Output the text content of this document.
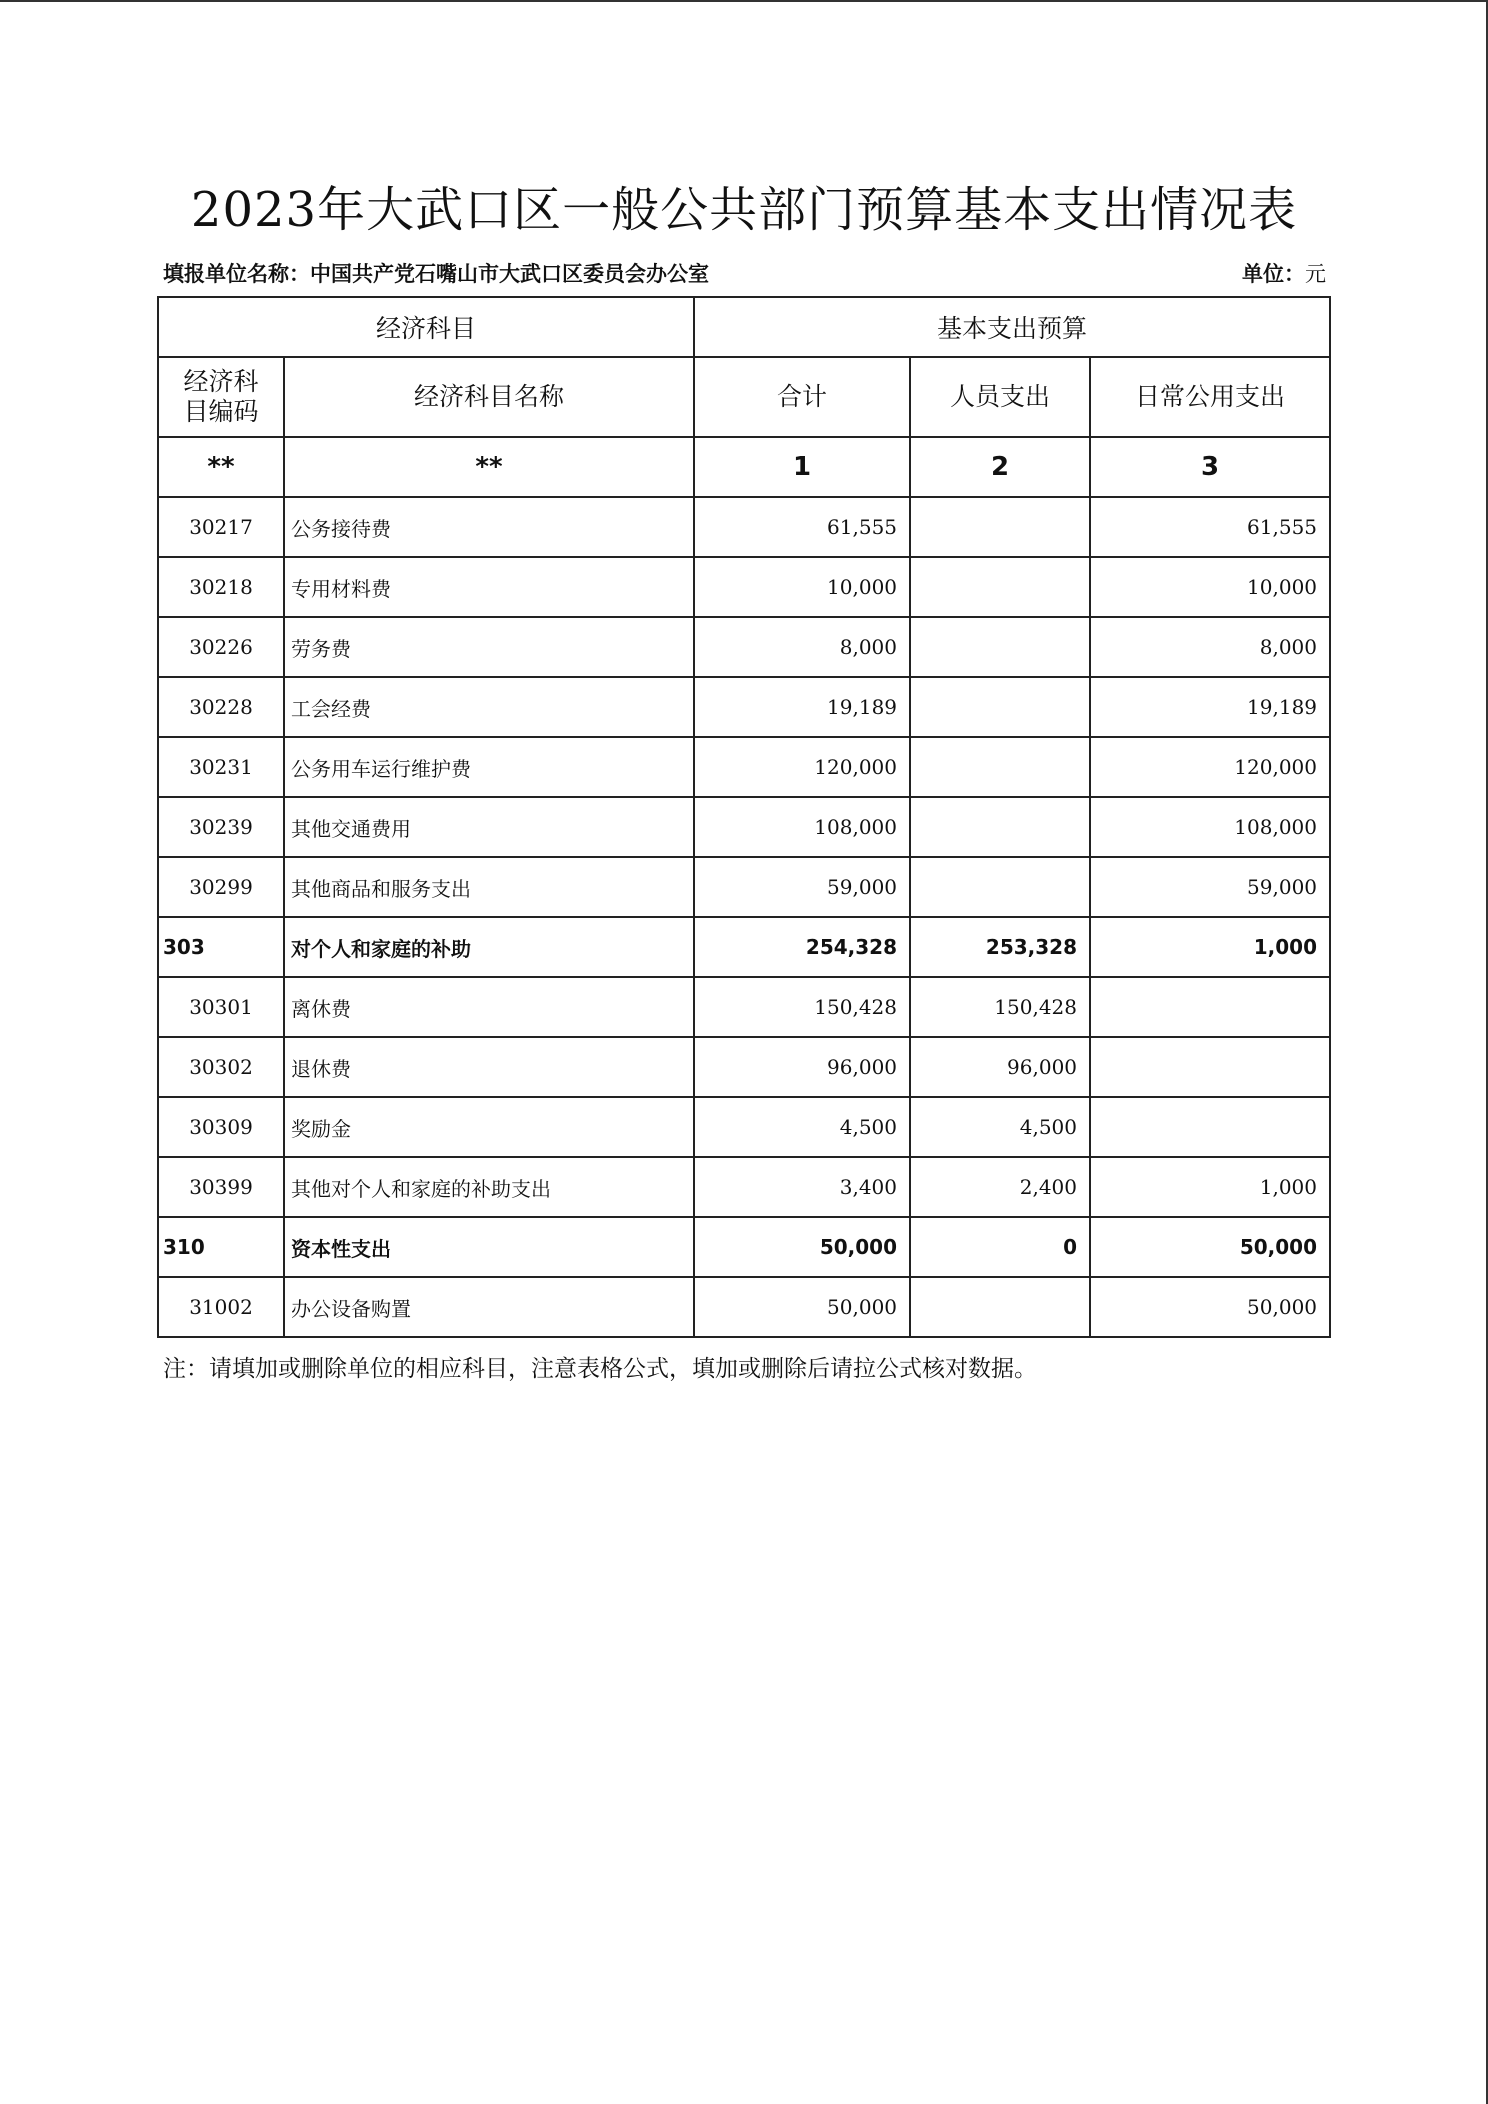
2023年大武口区一般公共部门预算基本支出情况表
填报单位名称：中国共产党石嘴山市大武口区委员会办公室	单位：元
经济科目		基本支出预算		

经济科目编码	经济科目名称	合计	人员支出	日常公用支出
**	**	1	2	3
30217	公务接待费	61,555		61,555
30218	专用材料费	10,000		10,000
30226	劳务费	8,000		8,000
30228	工会经费	19,189		19,189
30231	公务用车运行维护费	120,000		120,000
30239	其他交通费用	108,000		108,000
30299	其他商品和服务支出	59,000		59,000
303	对个人和家庭的补助	254,328	253,328	1,000
30301	离休费	150,428	150,428	
30302	退休费	96,000	96,000	
30309	奖励金	4,500	4,500	
30399	其他对个人和家庭的补助支出	3,400	2,400	1,000
310	资本性支出	50,000	0	50,000
31002	办公设备购置	50,000		50,000
注：请填加或删除单位的相应科目，注意表格公式，填加或删除后请拉公式核对数据。
